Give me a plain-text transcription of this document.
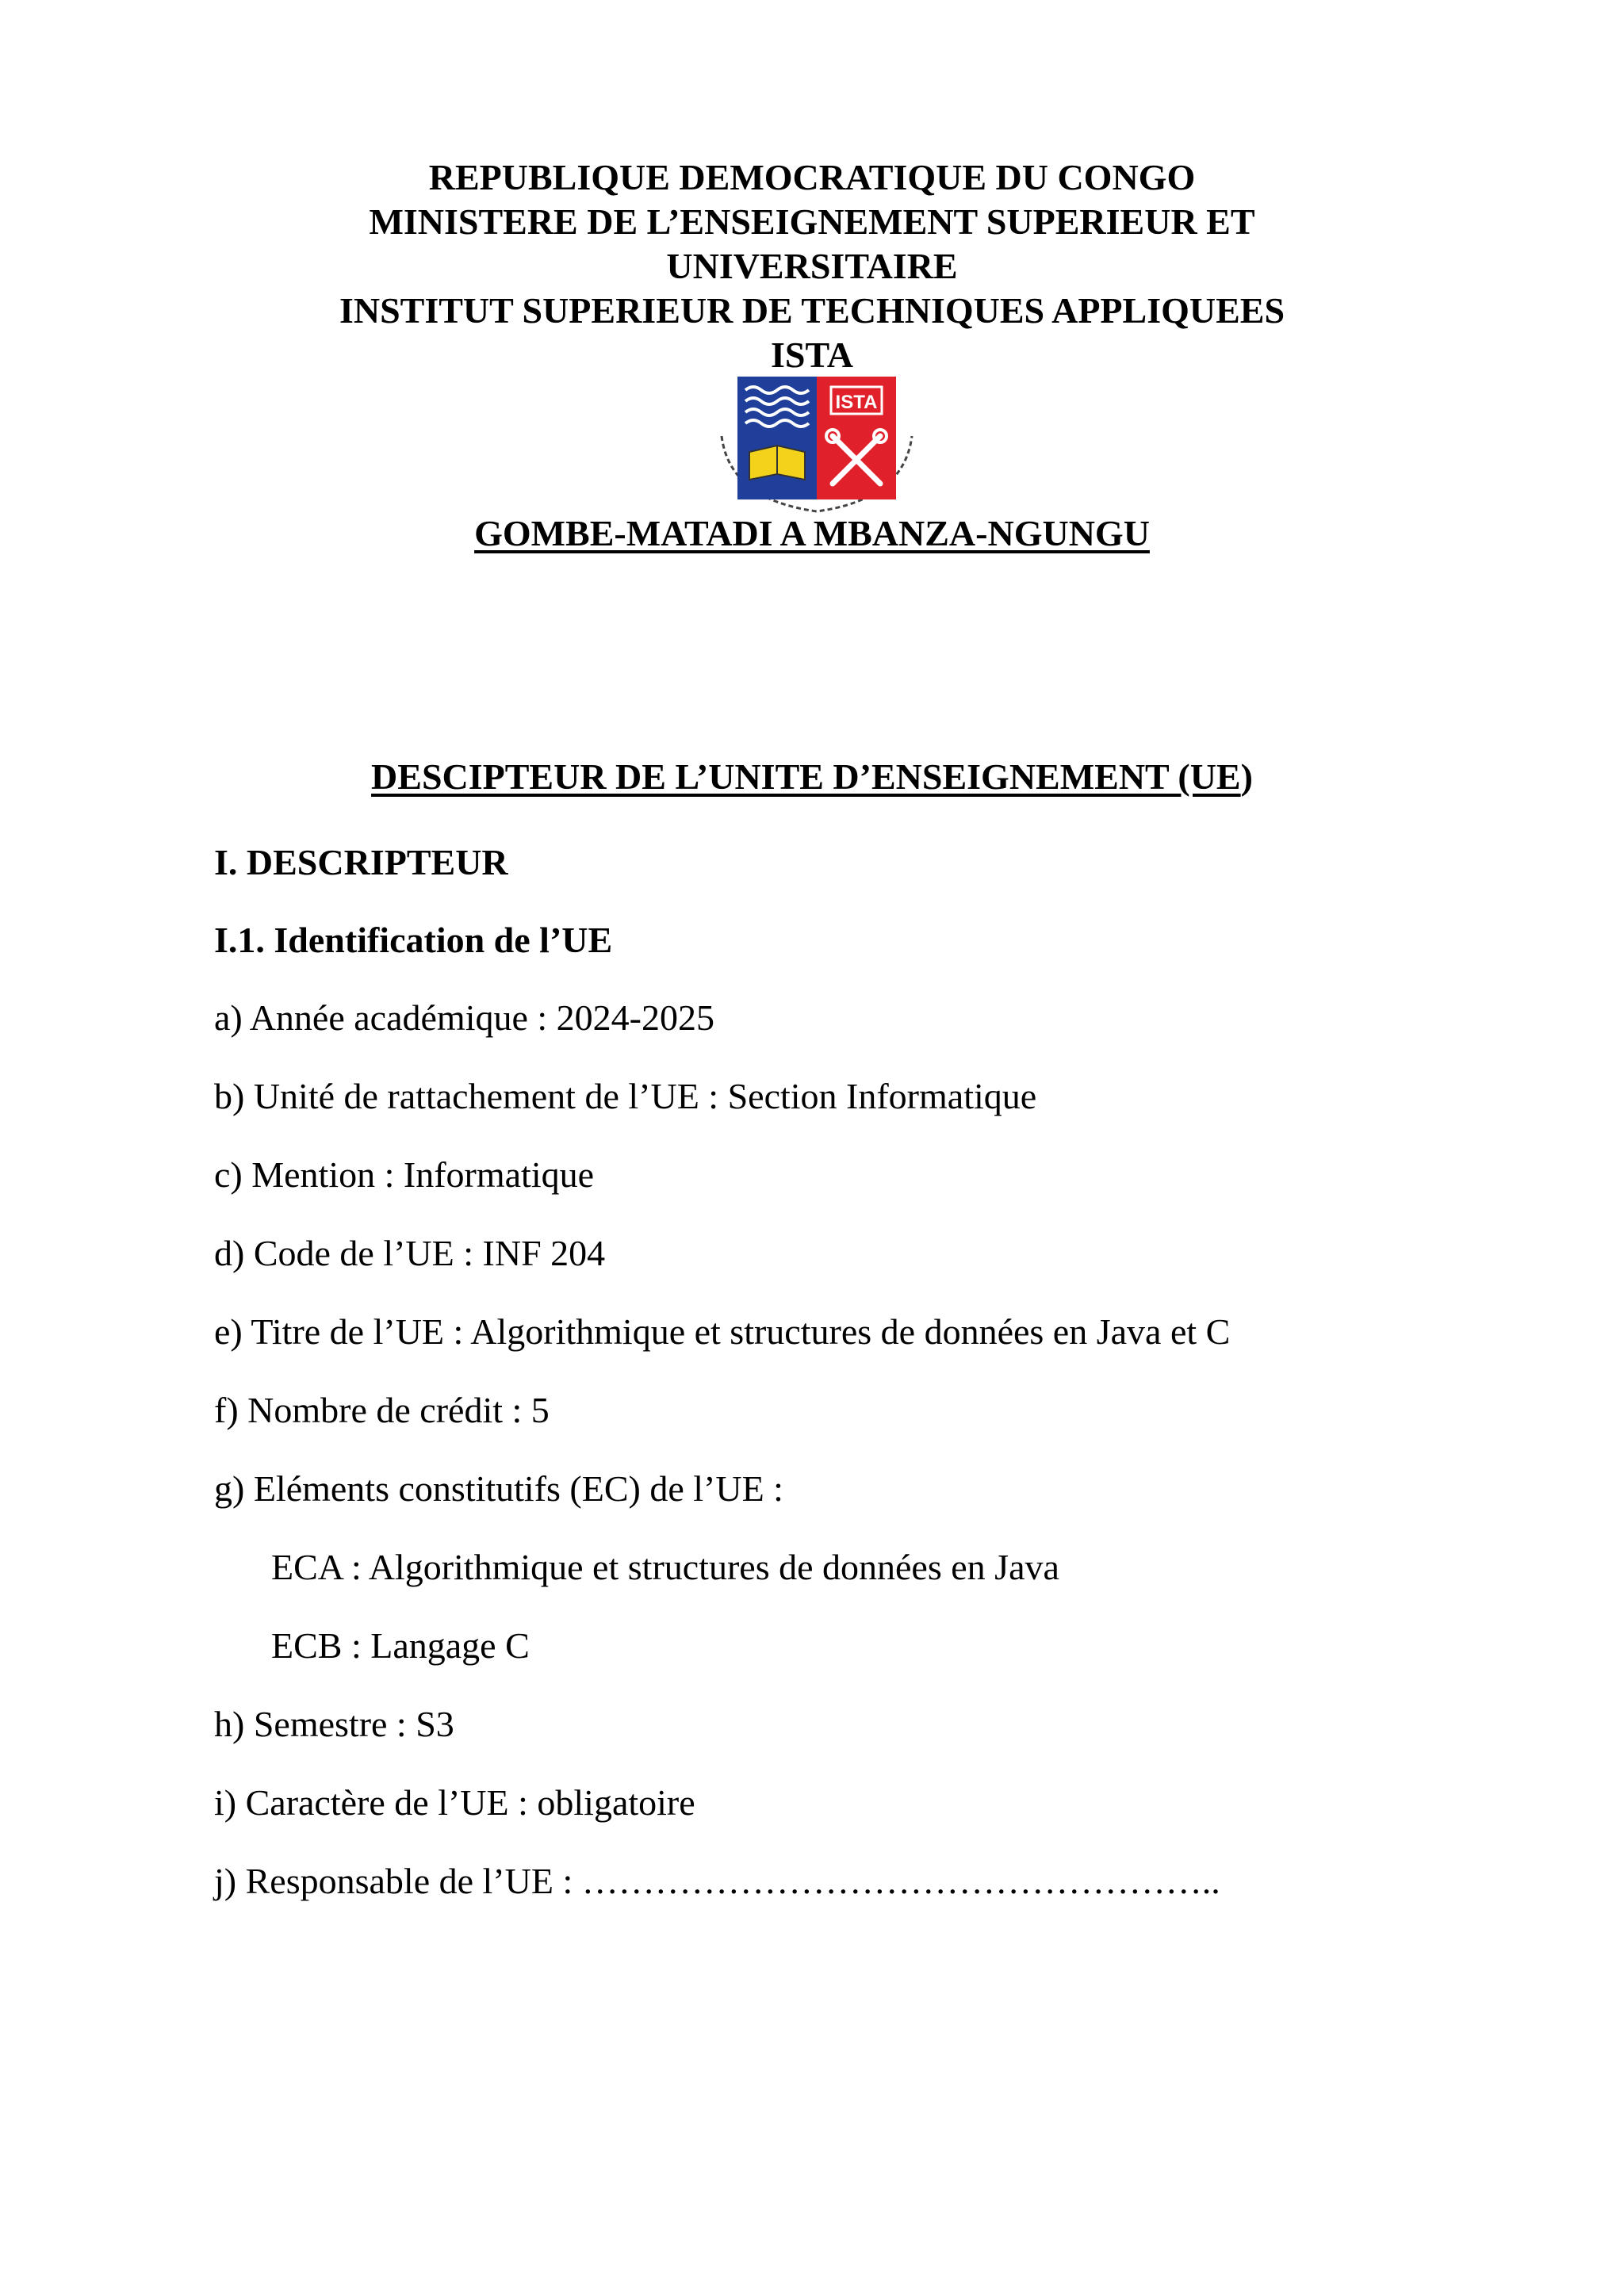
REPUBLIQUE DEMOCRATIQUE DU CONGO
MINISTERE DE L’ENSEIGNEMENT SUPERIEUR ET
UNIVERSITAIRE
INSTITUT SUPERIEUR DE TECHNIQUES APPLIQUEES
ISTA
ISTA
GOMBE-MATADI A MBANZA-NGUNGU
DESCIPTEUR DE L’UNITE D’ENSEIGNEMENT (UE)
I. DESCRIPTEUR
I.1. Identification de l’UE
a) Année académique : 2024-2025
b) Unité de rattachement de l’UE : Section Informatique
c) Mention : Informatique
d) Code de l’UE : INF 204
e) Titre de l’UE : Algorithmique et structures de données en Java et C
f) Nombre de crédit : 5
g) Eléments constitutifs (EC) de l’UE :
ECA : Algorithmique et structures de données en Java
ECB : Langage C
h) Semestre : S3
i) Caractère de l’UE : obligatoire
j) Responsable de l’UE : ……………………………………………..
